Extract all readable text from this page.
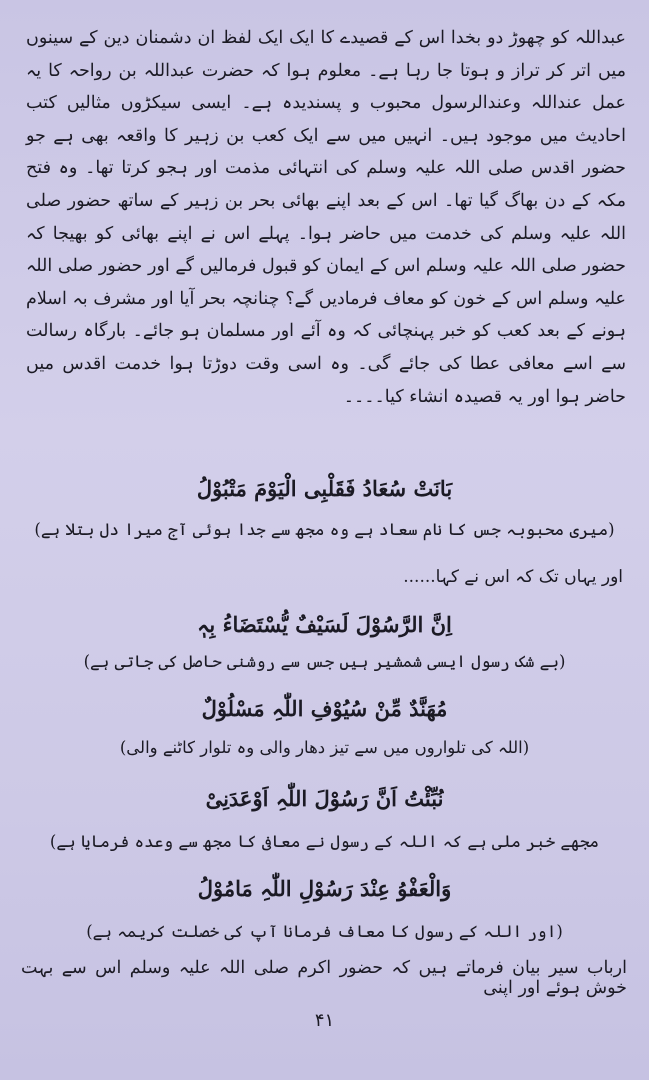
عبداللہ کو چھوڑ دو بخدا اس کے قصیدے کا ایک ایک لفظ ان دشمنان دین کے سینوں میں اتر کر تراز و ہوتا جا رہا ہے۔ معلوم ہوا کہ حضرت عبداللہ بن رواحہ کا یہ عمل عنداللہ وعندالرسول محبوب و پسندیدہ ہے۔ ایسی سیکڑوں مثالیں کتب احادیث میں موجود ہیں۔ انہیں میں سے ایک کعب بن زہیر کا واقعہ بھی ہے جو حضور اقدس صلی اللہ علیہ وسلم کی انتہائی مذمت اور ہجو کرتا تھا۔ وہ فتح مکہ کے دن بھاگ گیا تھا۔ اس کے بعد اپنے بھائی بحر بن زہیر کے ساتھ حضور صلی اللہ علیہ وسلم کی خدمت میں حاضر ہوا۔ پہلے اس نے اپنے بھائی کو بھیجا کہ حضور صلی اللہ علیہ وسلم اس کے ایمان کو قبول فرمالیں گے اور حضور صلی اللہ علیہ وسلم اس کے خون کو معاف فرمادیں گے؟ چنانچہ بحر آیا اور مشرف بہ اسلام ہونے کے بعد کعب کو خبر پہنچائی کہ وہ آئے اور مسلمان ہو جائے۔ بارگاہ رسالت سے اسے معافی عطا کی جائے گی۔ وہ اسی وقت دوڑتا ہوا خدمت اقدس میں حاضر ہوا اور یہ قصیدہ انشاء کیا۔۔۔۔

بَانَتْ سُعَادُ فَقَلْبِی الْیَوْمَ مَتْبُوْلُ
(میری محبوبہ جس کا نام سعاد ہے وہ مجھ سے جدا ہوئی آج میرا دل بتلا ہے)
اور یہاں تک کہ اس نے کہا......
اِنَّ الرَّسُوْلَ لَسَیْفٌ یُّسْتَضَاءُ بِہٖ
(بے شک رسول ایسی شمشیر ہیں جس سے روشنی حاصل کی جاتی ہے)
مُھَنَّدٌ مِّنْ سُیُوْفِ اللّٰہِ مَسْلُوْلٌ
(اللہ کی تلواروں میں سے تیز دھار والی وہ تلوار کاٹنے والی)
نُبِّئْتُ اَنَّ رَسُوْلَ اللّٰہِ اَوْعَدَنِیْ
مجھے خبر ملی ہے کہ اللہ کے رسول نے معافی کا مجھ سے وعدہ فرمایا ہے)
وَالْعَفْوُ عِنْدَ رَسُوْلِ اللّٰہِ مَامُوْلُ
(اور اللہ کے رسول کا معاف فرمانا آپ کی خصلت کریمہ ہے)
ارباب سیر بیان فرماتے ہیں کہ حضور اکرم صلی اللہ علیہ وسلم اس سے بہت خوش ہوئے اور اپنی
۴۱
